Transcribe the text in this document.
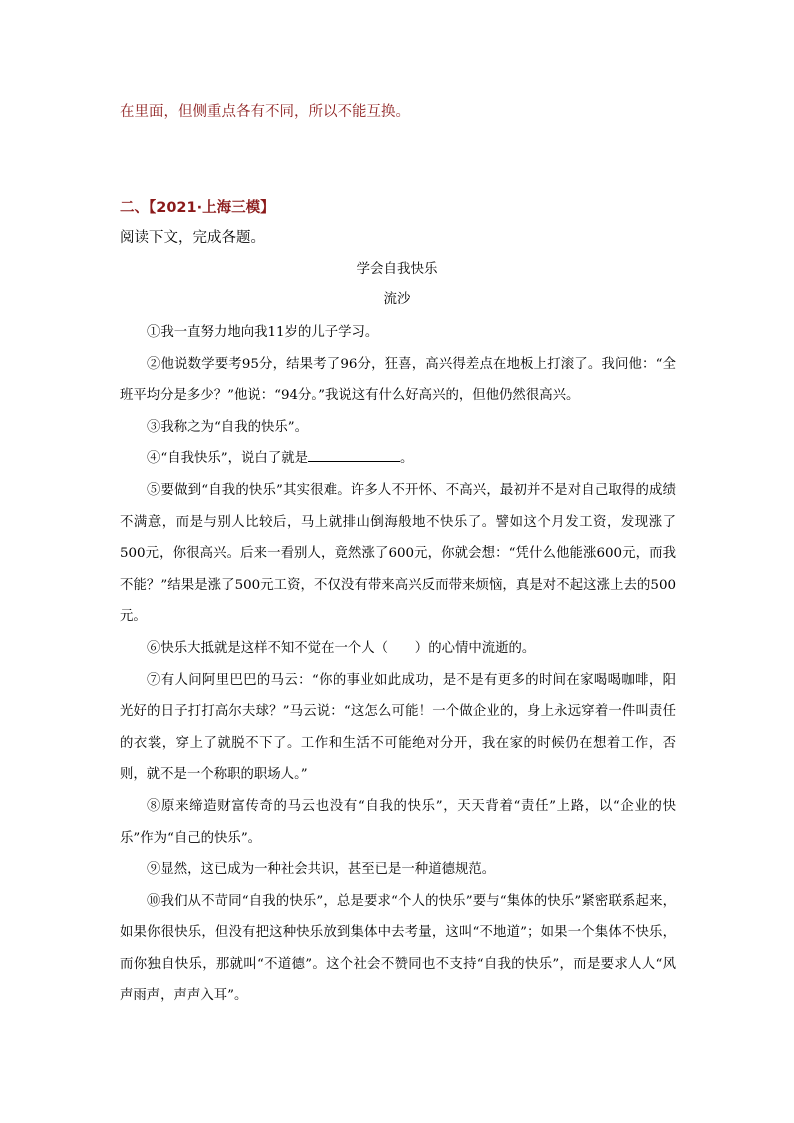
在里面，但侧重点各有不同，所以不能互换。
二、【2021·上海三模】
阅读下文，完成各题。
学会自我快乐
流沙

①我一直努力地向我11岁的儿子学习。

②他说数学要考95分，结果考了96分，狂喜，高兴得差点在地板上打滚了。我问他：“全班平均分是多少？”他说：“94分。”我说这有什么好高兴的，但他仍然很高兴。

③我称之为“自我的快乐”。

④“自我快乐”，说白了就是	。

⑤要做到“自我的快乐”其实很难。许多人不开怀、不高兴，最初并不是对自己取得的成绩不满意，而是与别人比较后，马上就排山倒海般地不快乐了。譬如这个月发工资，发现涨了500元，你很高兴。后来一看别人，竟然涨了600元，你就会想：“凭什么他能涨600元，而我不能？”结果是涨了500元工资，不仅没有带来高兴反而带来烦恼，真是对不起这涨上去的500元。

⑥快乐大抵就是这样不知不觉在一个人（　　）的心情中流逝的。

⑦有人问阿里巴巴的马云：“你的事业如此成功，是不是有更多的时间在家喝喝咖啡，阳光好的日子打打高尔夫球？”马云说：“这怎么可能！一个做企业的，身上永远穿着一件叫责任的衣裳，穿上了就脱不下了。工作和生活不可能绝对分开，我在家的时候仍在想着工作，否则，就不是一个称职的职场人。”

⑧原来缔造财富传奇的马云也没有“自我的快乐”，天天背着“责任”上路，以“企业的快乐”作为“自己的快乐”。

⑨显然，这已成为一种社会共识，甚至已是一种道德规范。

⑩我们从不苛同“自我的快乐”，总是要求“个人的快乐”要与“集体的快乐”紧密联系起来，如果你很快乐，但没有把这种快乐放到集体中去考量，这叫“不地道”；如果一个集体不快乐，而你独自快乐，那就叫“不道德”。这个社会不赞同也不支持“自我的快乐”，而是要求人人“风声雨声，声声入耳”。
